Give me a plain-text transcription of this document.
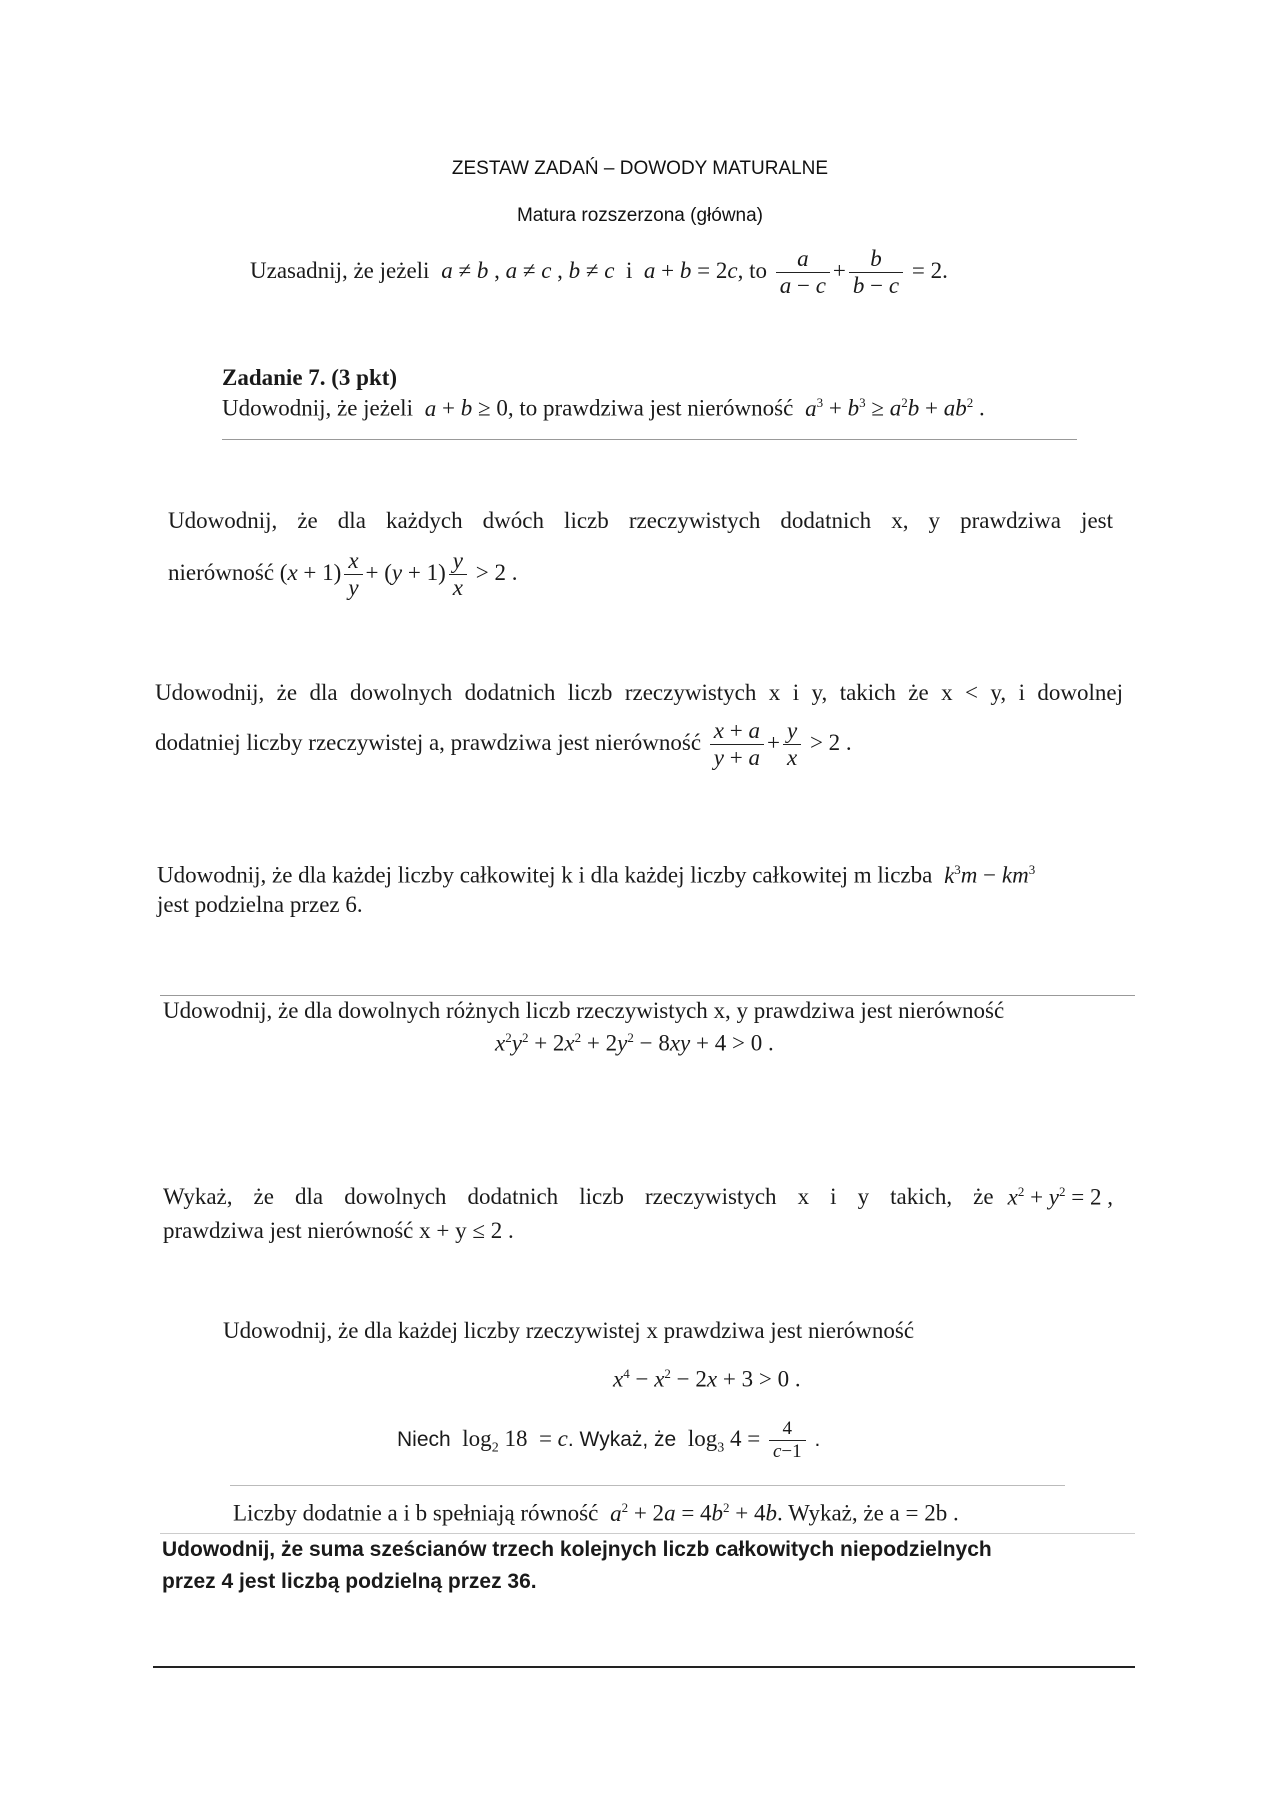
ZESTAW ZADAŃ – DOWODY MATURALNE
Matura rozszerzona (główna)
Uzasadnij, że jeżeli a ≠ b , a ≠ c , b ≠ c  i  a + b = 2c, to $\frac{a}{a - c} + \frac{b}{b - c} = 2$.
Zadanie 7. (3 pkt)
Udowodnij, że jeżeli a + b ≥ 0, to prawdziwa jest nierówność $a^3 + b^3 \ge a^2b + ab^2$ .
Udowodnij, że dla każdych dwóch liczb rzeczywistych dodatnich x, y prawdziwa jest
nierówność $(x + 1) \frac{x}{y} + (y + 1) \frac{y}{x} > 2$ .
Udowodnij, że dla dowolnych dodatnich liczb rzeczywistych x i y, takich że x < y, i dowolnej
dodatniej liczby rzeczywistej a, prawdziwa jest nierówność $\frac{x + a}{y + a} + \frac{y}{x} > 2$ .
Udowodnij, że dla każdej liczby całkowitej k i dla każdej liczby całkowitej m liczba $k^3m - km^3$
jest podzielna przez 6.
Udowodnij, że dla dowolnych różnych liczb rzeczywistych x, y prawdziwa jest nierówność
$x^2y^2 + 2x^2 + 2y^2 - 8xy + 4 > 0$ .
Wykaż, że dla dowolnych dodatnich liczb rzeczywistych x i y takich, że $x^2 + y^2 = 2$ ,
prawdziwa jest nierówność x + y ≤ 2 .
Udowodnij, że dla każdej liczby rzeczywistej x prawdziwa jest nierówność
$x^4 - x^2 - 2x + 3 > 0$ .
Niech  $\log_2 18 = c$. Wykaż, że  $\log_3 4 = \frac{4}{c-1}$ .
Liczby dodatnie a i b spełniają równość $a^2 + 2a = 4b^2 + 4b$. Wykaż, że a = 2b .
Udowodnij, że suma sześcianów trzech kolejnych liczb całkowitych niepodzielnych
przez 4 jest liczbą podzielną przez 36.
